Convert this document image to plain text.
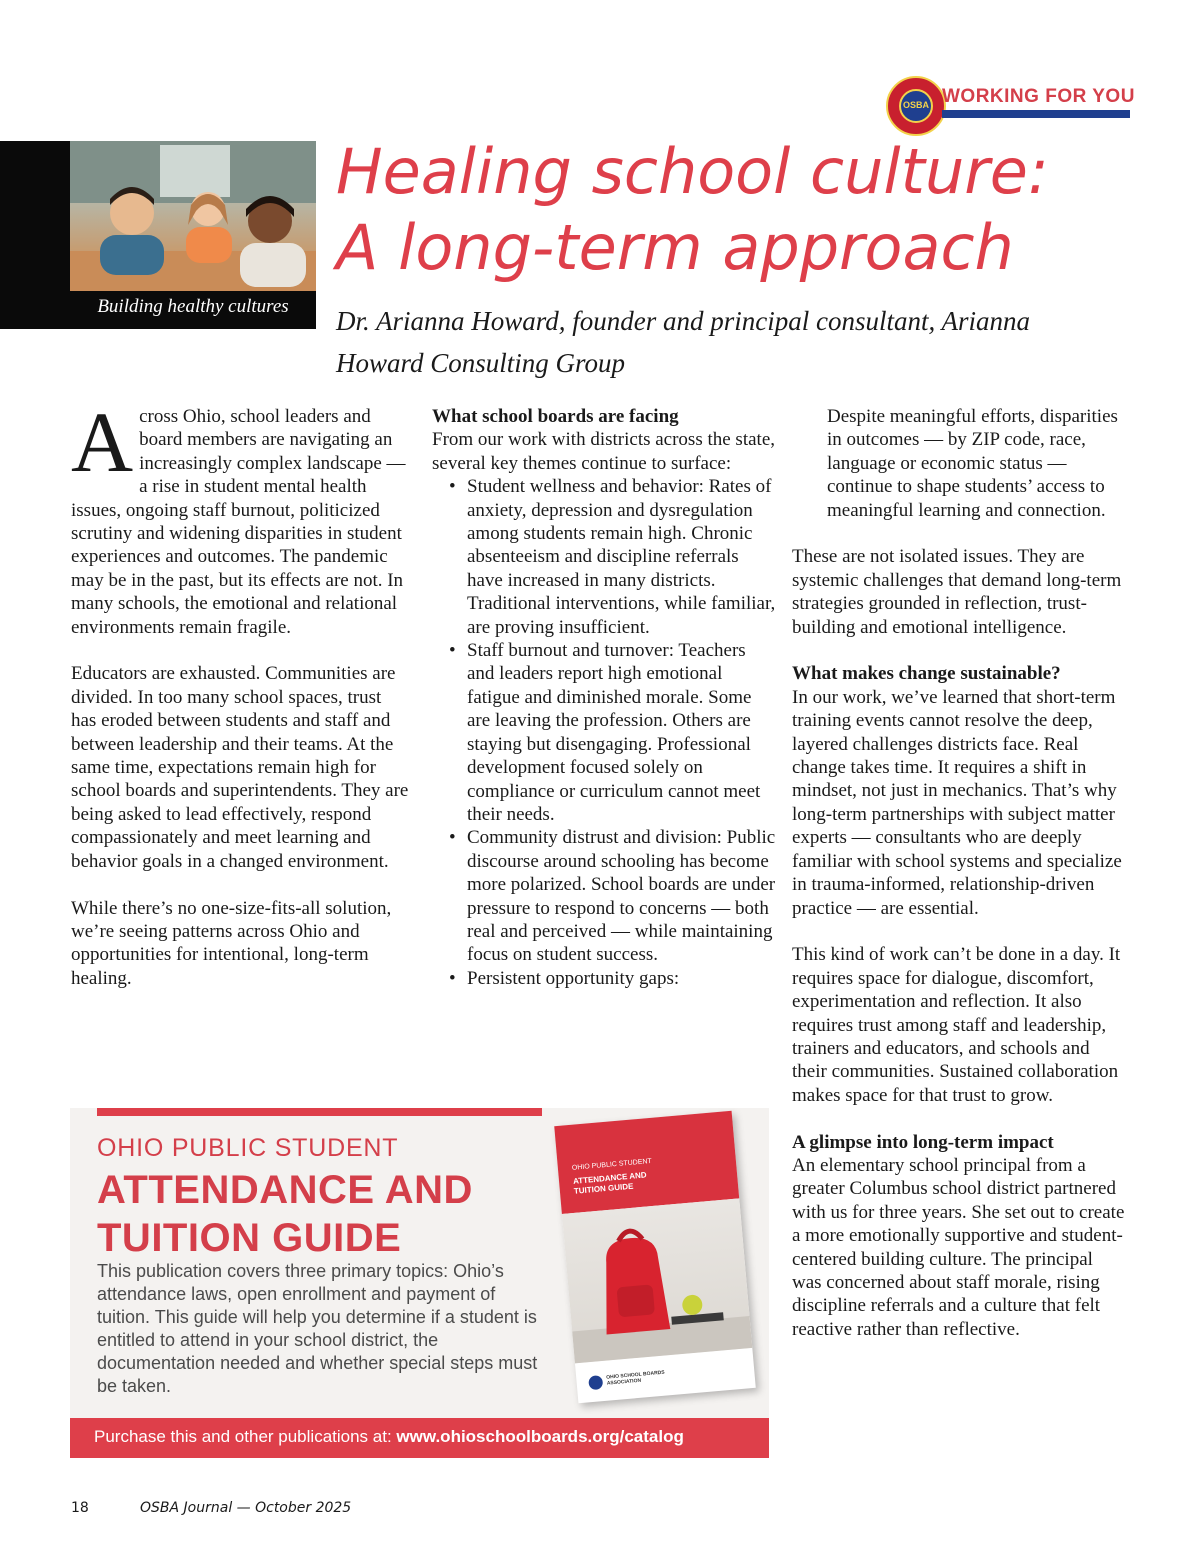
OSBA WORKING FOR YOU
Building healthy cultures
Healing school culture:
A long-term approach
Dr. Arianna Howard, founder and principal consultant, Arianna
Howard Consulting Group

Across Ohio, school leaders and board members are navigating an increasingly complex landscape — a rise in student mental health issues, ongoing staff burnout, politicized scrutiny and widening disparities in student experiences and outcomes. The pandemic may be in the past, but its effects are not. In many schools, the emotional and relational environments remain fragile.

Educators are exhausted. Communities are divided. In too many school spaces, trust has eroded between students and staff and between leadership and their teams. At the same time, expectations remain high for school boards and superintendents. They are being asked to lead effectively, respond compassionately and meet learning and behavior goals in a changed environment.

While there’s no one-size-fits-all solution, we’re seeing patterns across Ohio and opportunities for intentional, long-term healing.

What school boards are facing
From our work with districts across the state, several key themes continue to surface:
• Student wellness and behavior: Rates of anxiety, depression and dysregulation among students remain high. Chronic absenteeism and discipline referrals have increased in many districts. Traditional interventions, while familiar, are proving insufficient.
• Staff burnout and turnover: Teachers and leaders report high emotional fatigue and diminished morale. Some are leaving the profession. Others are staying but disengaging. Professional development focused solely on compliance or curriculum cannot meet their needs.
• Community distrust and division: Public discourse around schooling has become more polarized. School boards are under pressure to respond to concerns — both real and perceived — while maintaining focus on student success.
• Persistent opportunity gaps:

Despite meaningful efforts, disparities in outcomes — by ZIP code, race, language or economic status — continue to shape students’ access to meaningful learning and connection.

These are not isolated issues. They are systemic challenges that demand long-term strategies grounded in reflection, trust-building and emotional intelligence.

What makes change sustainable?

In our work, we’ve learned that short-term training events cannot resolve the deep, layered challenges districts face. Real change takes time. It requires a shift in mindset, not just in mechanics. That’s why long-term partnerships with subject matter experts — consultants who are deeply familiar with school systems and specialize in trauma-informed, relationship-driven practice — are essential.

This kind of work can’t be done in a day. It requires space for dialogue, discomfort, experimentation and reflection. It also requires trust among staff and leadership, trainers and educators, and schools and their communities. Sustained collaboration makes space for that trust to grow.

A glimpse into long-term impact

An elementary school principal from a greater Columbus school district partnered with us for three years. She set out to create a more emotionally supportive and student-centered building culture. The principal was concerned about staff morale, rising discipline referrals and a culture that felt reactive rather than reflective.

OHIO PUBLIC STUDENT
ATTENDANCE AND
TUITION GUIDE
This publication covers three primary topics: Ohio’s attendance laws, open enrollment and payment of tuition. This guide will help you determine if a student is entitled to attend in your school district, the documentation needed and whether special steps must be taken.
OHIO PUBLIC STUDENT
ATTENDANCE AND
TUITION GUIDE
OHIO SCHOOL BOARDS ASSOCIATION
Purchase this and other publications at: www.ohioschoolboards.org/catalog
18	OSBA Journal — October 2025
